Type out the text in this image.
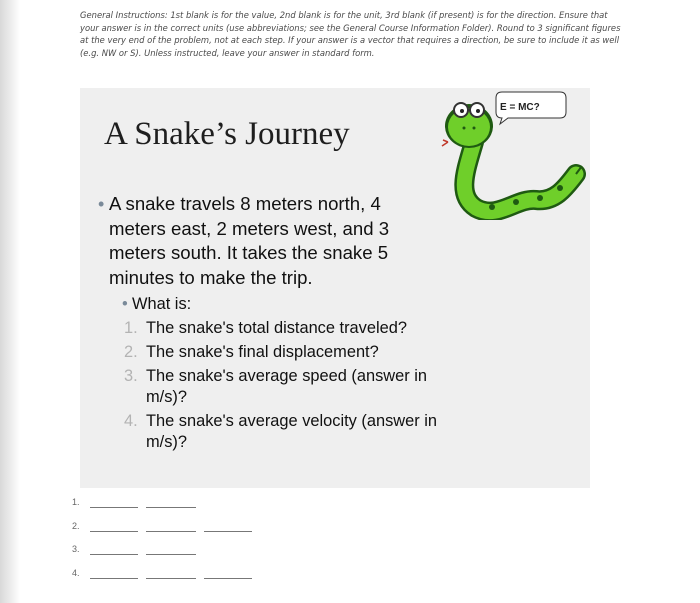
General Instructions: 1st blank is for the value, 2nd blank is for the unit, 3rd blank (if present) is for the direction. Ensure that your answer is in the correct units (use abbreviations; see the General Course Information Folder). Round to 3 significant figures at the very end of the problem, not at each step. If your answer is a vector that requires a direction, be sure to include it as well (e.g. NW or S). Unless instructed, leave your answer in standard form.
A Snake’s Journey
• A snake travels 8 meters north, 4 meters east, 2 meters west, and 3 meters south. It takes the snake 5 minutes to make the trip.
• What is:
1. The snake's total distance traveled?
2. The snake's final displacement?
3. The snake's average speed (answer in m/s)?
4. The snake's average velocity (answer in m/s)?
E = MC?
1.
2.
3.
4.
